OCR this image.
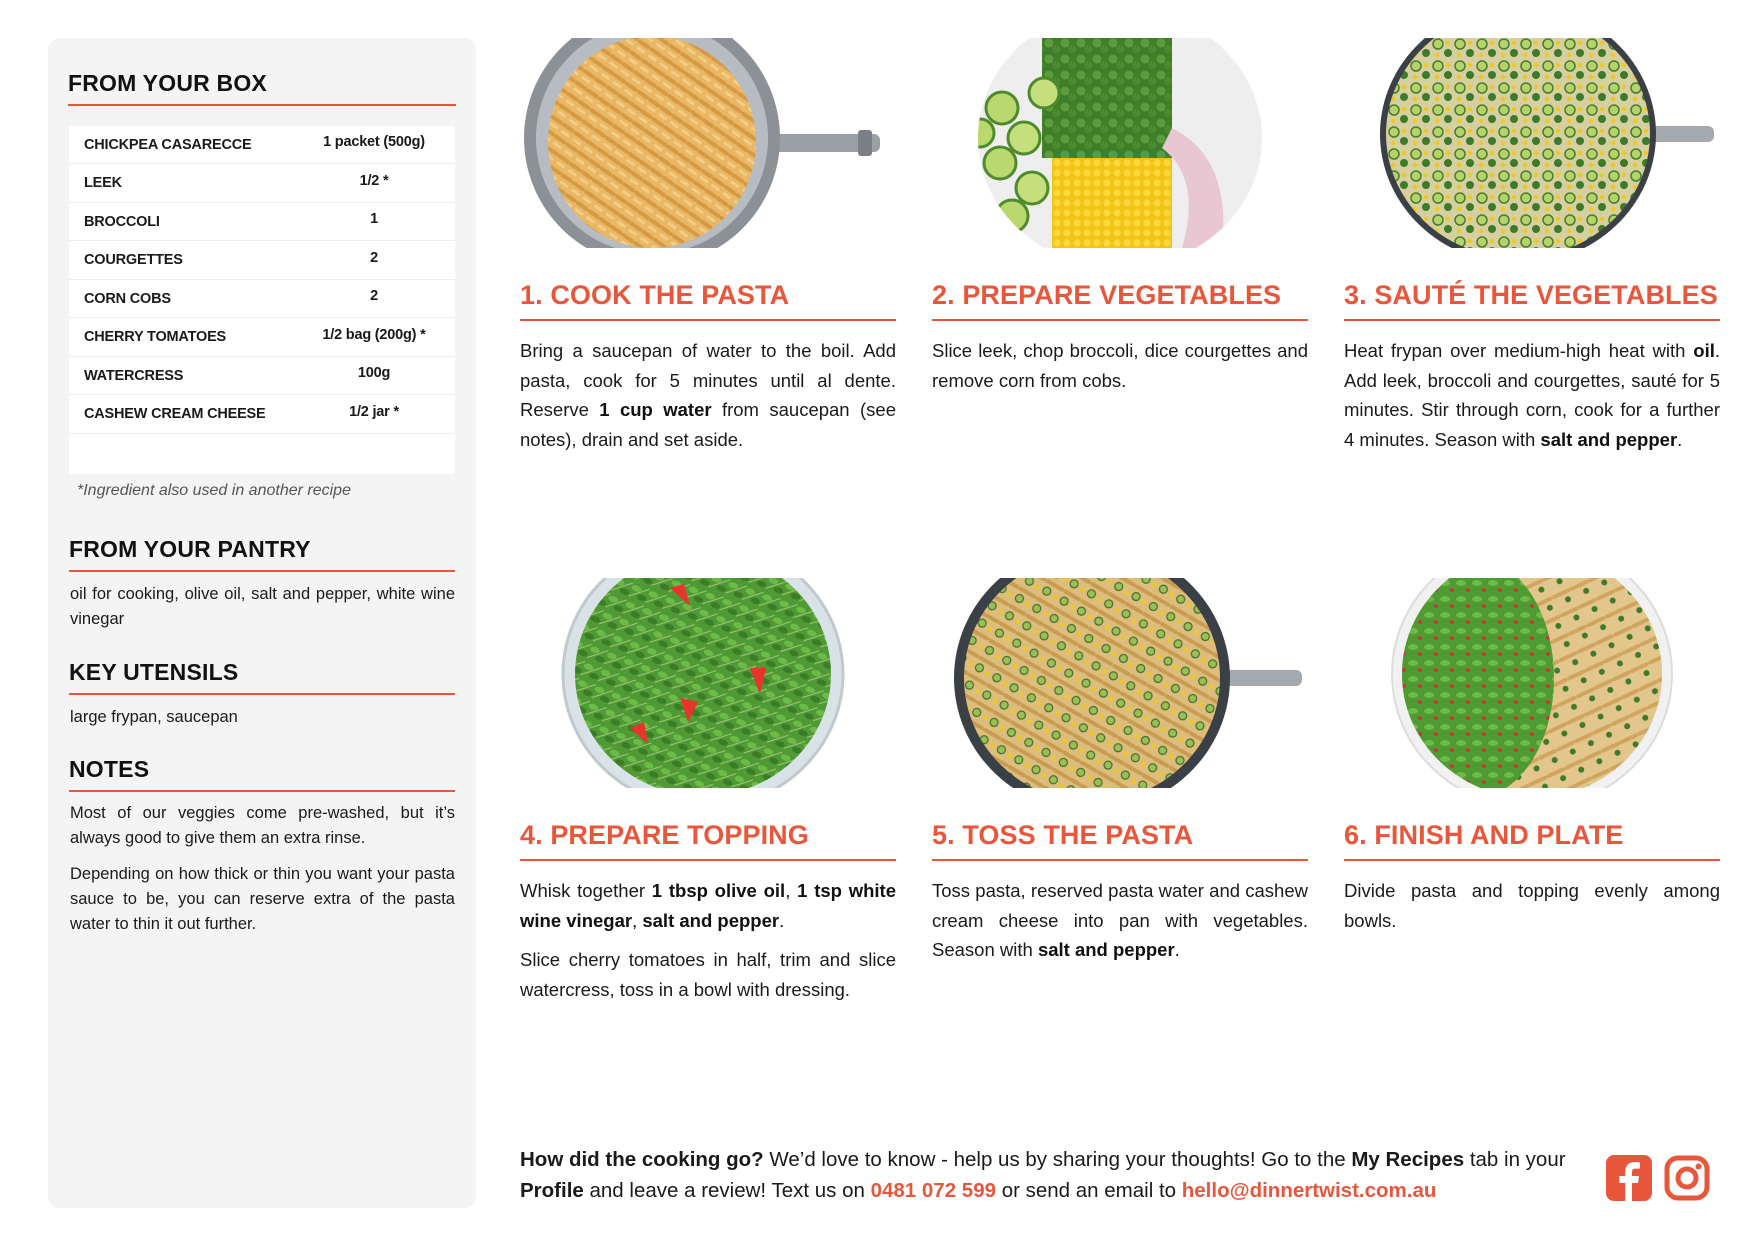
FROM YOUR BOX
CHICKPEA CASARECCE	1 packet (500g)
LEEK	1/2 *
BROCCOLI	1
COURGETTES	2
CORN COBS	2
CHERRY TOMATOES	1/2 bag (200g) *
WATERCRESS	100g
CASHEW CREAM CHEESE	1/2 jar *
*Ingredient also used in another recipe
FROM YOUR PANTRY
oil for cooking, olive oil, salt and pepper, white wine vinegar
KEY UTENSILS
large frypan, saucepan
NOTES
Most of our veggies come pre-washed, but it’s always good to give them an extra rinse.
Depending on how thick or thin you want your pasta sauce to be, you can reserve extra of the pasta water to thin it out further.
1. COOK THE PASTA

Bring a saucepan of water to the boil. Add pasta, cook for 5 minutes until al dente. Reserve 1 cup water from saucepan (see notes), drain and set aside.

2. PREPARE VEGETABLES

Slice leek, chop broccoli, dice courgettes and remove corn from cobs.

3. SAUTÉ THE VEGETABLES

Heat frypan over medium-high heat with oil. Add leek, broccoli and courgettes, sauté for 5 minutes. Stir through corn, cook for a further 4 minutes. Season with salt and pepper.

4. PREPARE TOPPING

Whisk together 1 tbsp olive oil, 1 tsp white wine vinegar, salt and pepper.

Slice cherry tomatoes in half, trim and slice watercress, toss in a bowl with dressing.

5. TOSS THE PASTA

Toss pasta, reserved pasta water and cashew cream cheese into pan with vegetables. Season with salt and pepper.

6. FINISH AND PLATE

Divide pasta and topping evenly among bowls.

How did the cooking go? We’d love to know - help us by sharing your thoughts! Go to the My Recipes tab in your Profile and leave a review! Text us on 0481 072 599 or send an email to hello@dinnertwist.com.au
